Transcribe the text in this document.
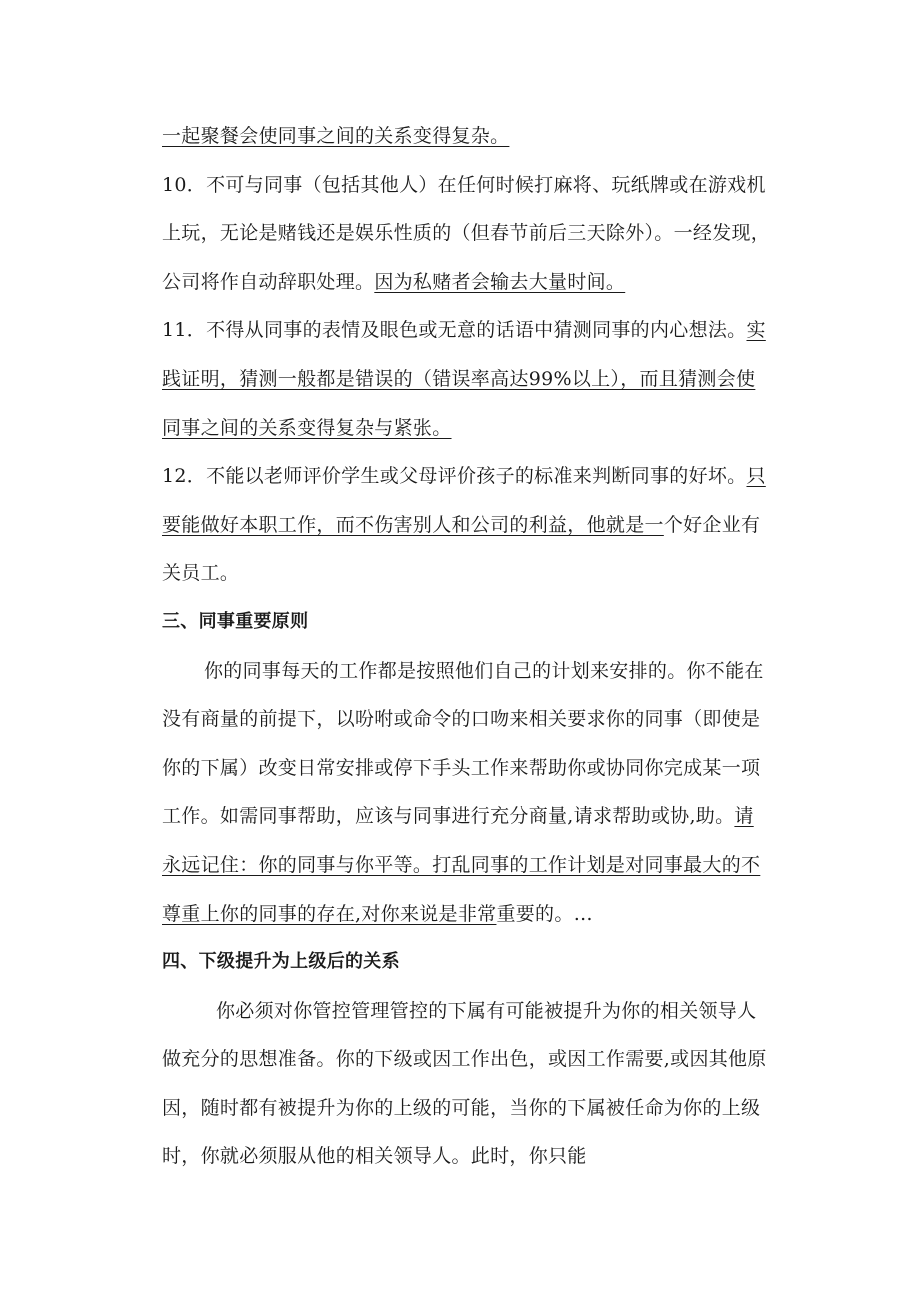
一起聚餐会使同事之间的关系变得复杂。
10．不可与同事（包括其他人）在任何时候打麻将、玩纸牌或在游戏机
上玩，无论是赌钱还是娱乐性质的（但春节前后三天除外）。一经发现，
公司将作自动辞职处理。因为私赌者会输去大量时间。
11．不得从同事的表情及眼色或无意的话语中猜测同事的内心想法。实
践证明，猜测一般都是错误的（错误率高达99%以上），而且猜测会使
同事之间的关系变得复杂与紧张。
12．不能以老师评价学生或父母评价孩子的标准来判断同事的好坏。只
要能做好本职工作，而不伤害别人和公司的利益，他就是一个好企业有
关员工。
三、同事重要原则
你的同事每天的工作都是按照他们自己的计划来安排的。你不能在
没有商量的前提下，以吩咐或命令的口吻来相关要求你的同事（即使是
你的下属）改变日常安排或停下手头工作来帮助你或协同你完成某一项
工作。如需同事帮助，应该与同事进行充分商量,请求帮助或协,助。请
永远记住：你的同事与你平等。打乱同事的工作计划是对同事最大的不
尊重上你的同事的存在,对你来说是非常重要的。…
四、下级提升为上级后的关系
你必须对你管控管理管控的下属有可能被提升为你的相关领导人
做充分的思想准备。你的下级或因工作出色，或因工作需要,或因其他原
因，随时都有被提升为你的上级的可能，当你的下属被任命为你的上级
时，你就必须服从他的相关领导人。此时，你只能
